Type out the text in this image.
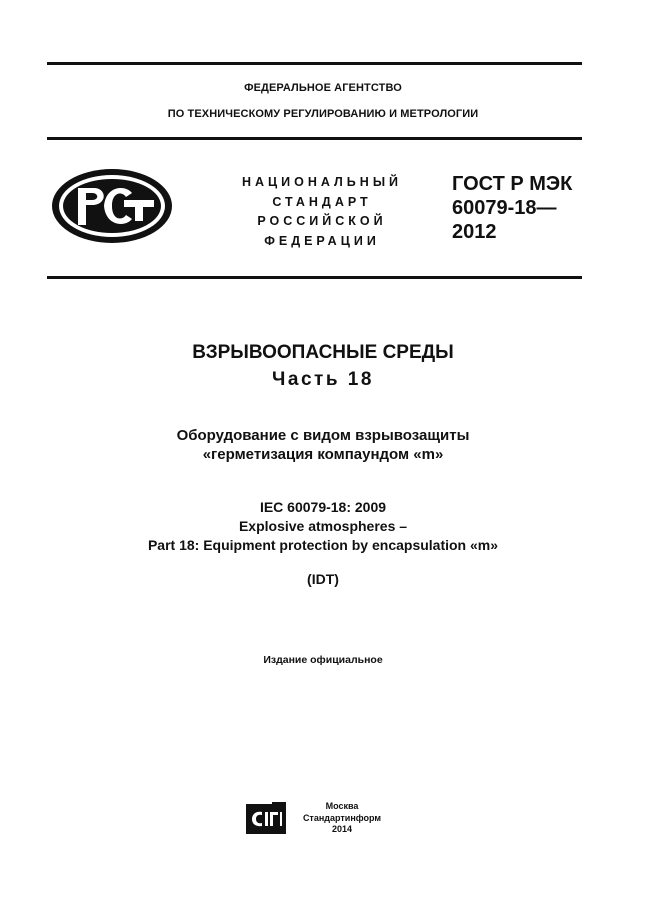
ФЕДЕРАЛЬНОЕ АГЕНТСТВО
ПО ТЕХНИЧЕСКОМУ РЕГУЛИРОВАНИЮ И МЕТРОЛОГИИ
НАЦИОНАЛЬНЫЙ
СТАНДАРТ
РОССИЙСКОЙ
ФЕДЕРАЦИИ
ГОСТ Р МЭК
60079-18—
2012
ВЗРЫВООПАСНЫЕ СРЕДЫ
Часть 18
Оборудование с видом взрывозащиты
«герметизация компаундом «m»
IEC 60079-18: 2009
Explosive atmospheres –
Part 18: Equipment protection by encapsulation «m»
(IDT)
Издание официальное
Москва
Стандартинформ
2014
